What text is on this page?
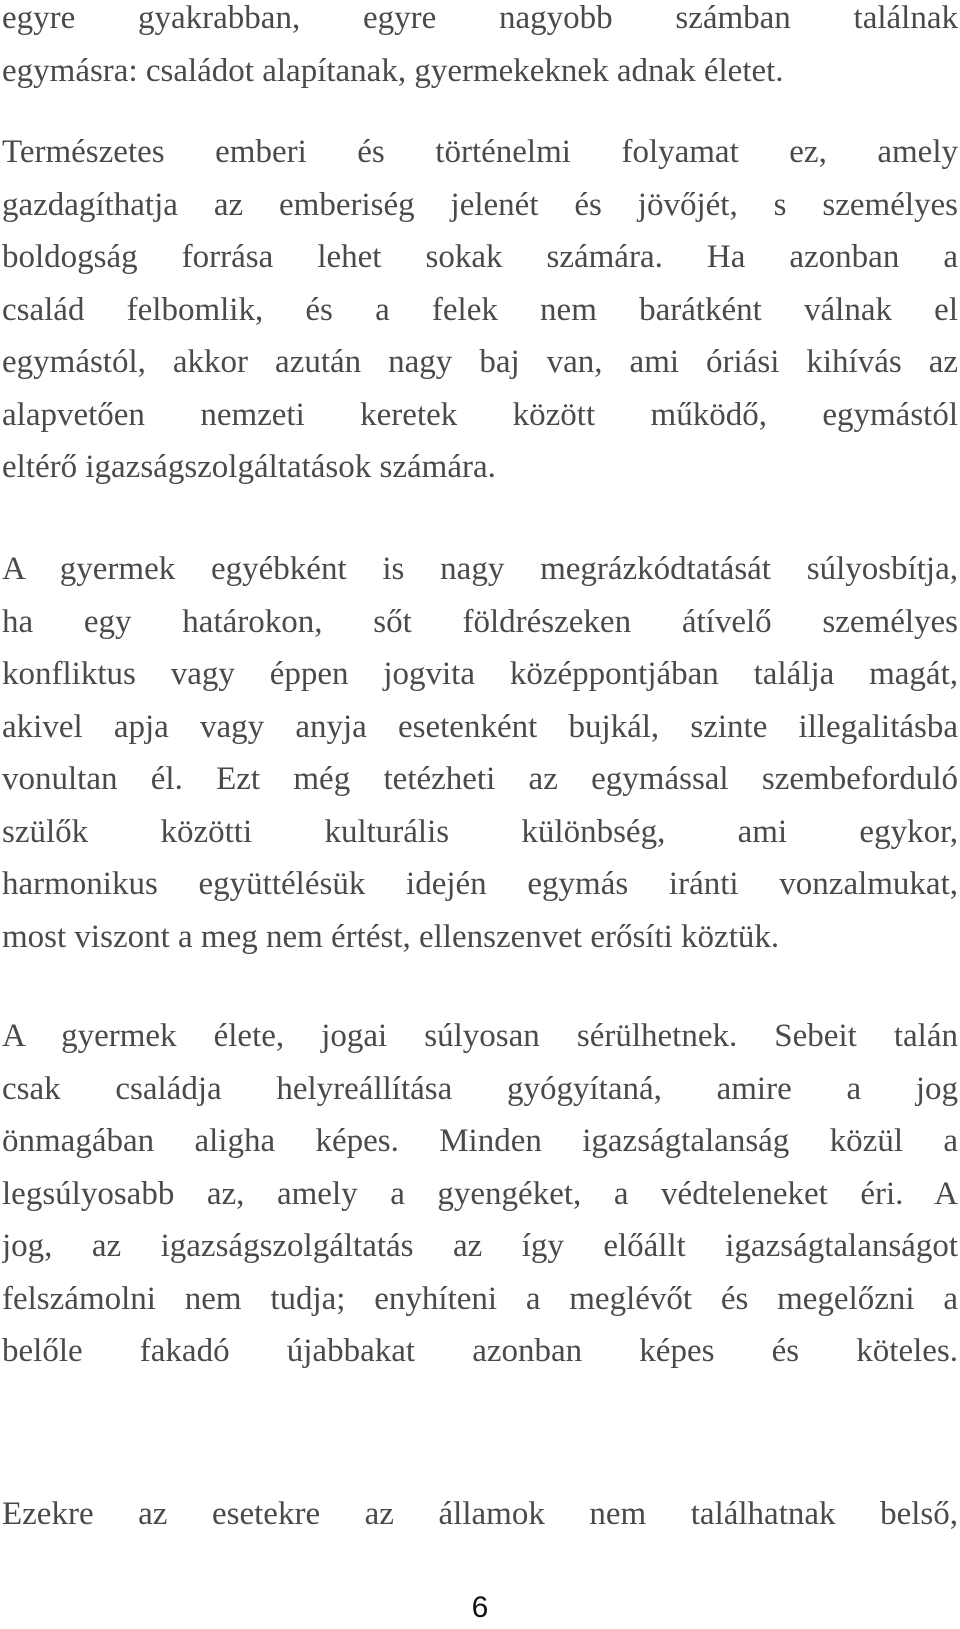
egyre gyakrabban, egyre nagyobb számban találnak
egymásra: családot alapítanak, gyermekeknek adnak életet.

Természetes emberi és történelmi folyamat ez, amely
gazdagíthatja az emberiség jelenét és jövőjét, s személyes
boldogság forrása lehet sokak számára. Ha azonban a
család felbomlik, és a felek nem barátként válnak el
egymástól, akkor azután nagy baj van, ami óriási kihívás az
alapvetően nemzeti keretek között működő, egymástól
eltérő igazságszolgáltatások számára.

A gyermek egyébként is nagy megrázkódtatását súlyosbítja,
ha egy határokon, sőt földrészeken átívelő személyes
konfliktus vagy éppen jogvita középpontjában találja magát,
akivel apja vagy anyja esetenként bujkál, szinte illegalitásba
vonultan él. Ezt még tetézheti az egymással szembeforduló
szülők közötti kulturális különbség, ami egykor,
harmonikus együttélésük idején egymás iránti vonzalmukat,
most viszont a meg nem értést, ellenszenvet erősíti köztük.

A gyermek élete, jogai súlyosan sérülhetnek. Sebeit talán
csak családja helyreállítása gyógyítaná, amire a jog
önmagában aligha képes. Minden igazságtalanság közül a
legsúlyosabb az, amely a gyengéket, a védteleneket éri. A
jog, az igazságszolgáltatás az így előállt igazságtalanságot
felszámolni nem tudja; enyhíteni a meglévőt és megelőzni a
belőle fakadó újabbakat azonban képes és köteles.

Ezekre az esetekre az államok nem találhatnak belső,

6
